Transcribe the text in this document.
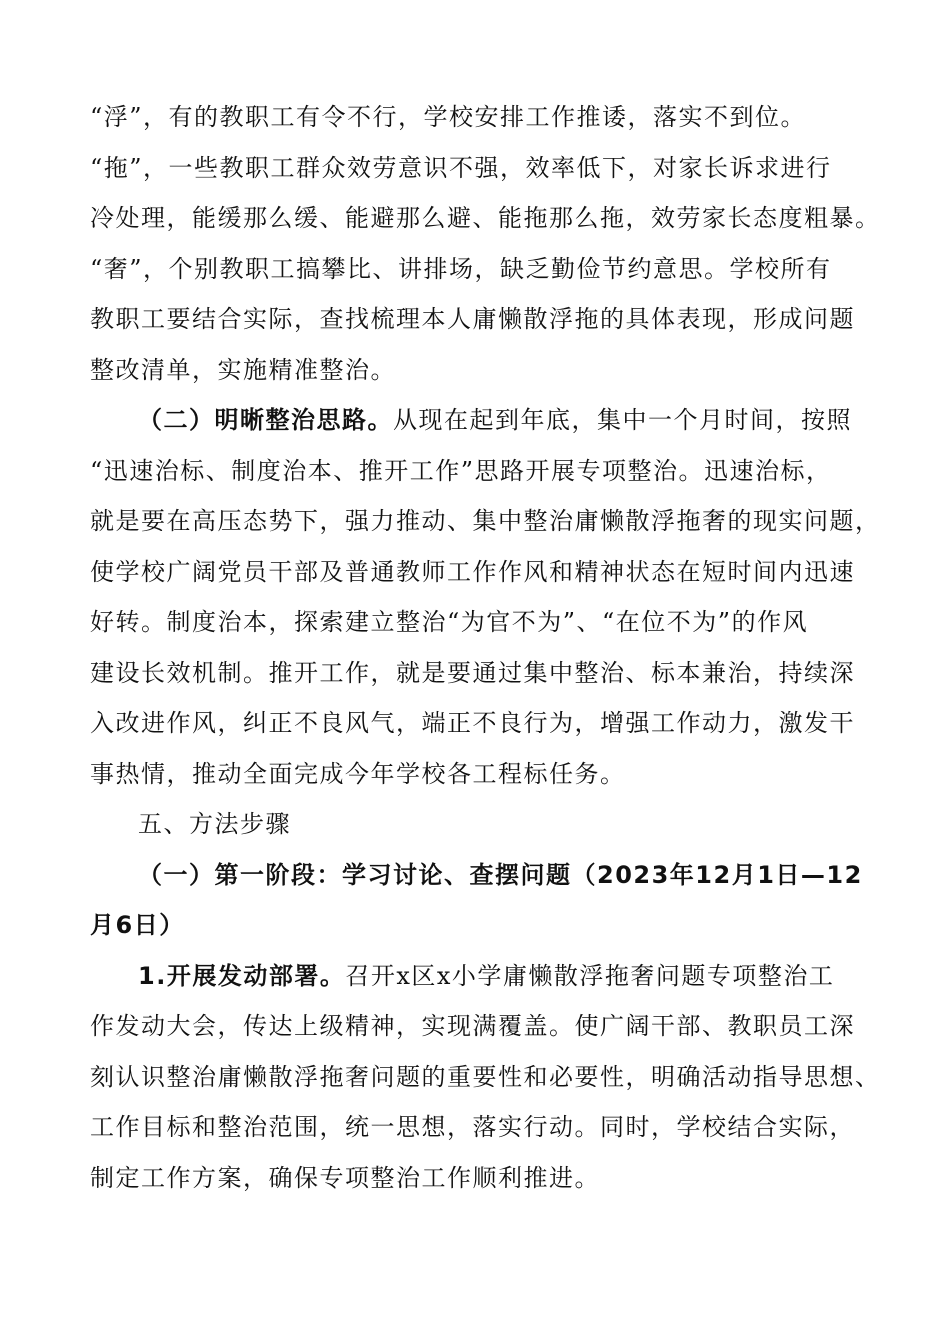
“浮”，有的教职工有令不行，学校安排工作推诿，落实不到位。
“拖”，一些教职工群众效劳意识不强，效率低下，对家长诉求进行
冷处理，能缓那么缓、能避那么避、能拖那么拖，效劳家长态度粗暴。
“奢”，个别教职工搞攀比、讲排场，缺乏勤俭节约意思。学校所有
教职工要结合实际，查找梳理本人庸懒散浮拖的具体表现，形成问题
整改清单，实施精准整治。
（二）明晰整治思路。从现在起到年底，集中一个月时间，按照
“迅速治标、制度治本、推开工作”思路开展专项整治。迅速治标，
就是要在高压态势下，强力推动、集中整治庸懒散浮拖奢的现实问题，
使学校广阔党员干部及普通教师工作作风和精神状态在短时间内迅速
好转。制度治本，探索建立整治“为官不为”、“在位不为”的作风
建设长效机制。推开工作，就是要通过集中整治、标本兼治，持续深
入改进作风，纠正不良风气，端正不良行为，增强工作动力，激发干
事热情，推动全面完成今年学校各工程标任务。
五、方法步骤
（一）第一阶段：学习讨论、查摆问题（2023年12月1日—12
月6日）
1.开展发动部署。召开x区x小学庸懒散浮拖奢问题专项整治工
作发动大会，传达上级精神，实现满覆盖。使广阔干部、教职员工深
刻认识整治庸懒散浮拖奢问题的重要性和必要性，明确活动指导思想、
工作目标和整治范围，统一思想，落实行动。同时，学校结合实际，
制定工作方案，确保专项整治工作顺利推进。
